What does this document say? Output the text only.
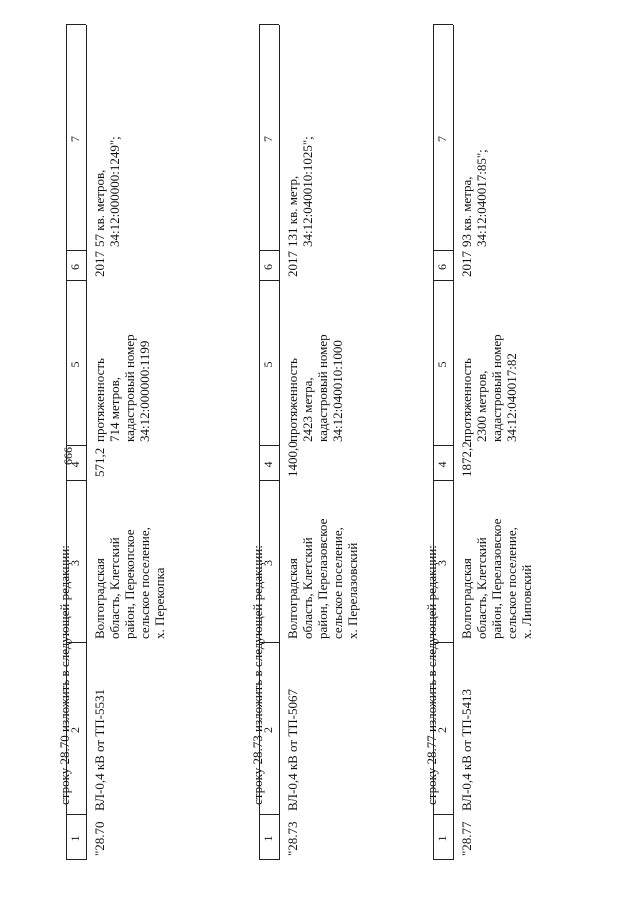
666
строку 28.70 изложить в следующей редакции:
1
2
3
4
5
6
7
"28.70
ВЛ-0,4 кВ от ТП-5531
Волгоградская
область, Клетский
район, Перекопское
сельское поселение,
х. Перекопка
571,2
протяженность
714 метров,
кадастровый номер
34:12:000000:1199
2017
57 кв. метров,
34:12:000000:1249";
строку 28.73 изложить в следующей редакции:
1
2
3
4
5
6
7
"28.73
ВЛ-0,4 кВ от ТП-5067
Волгоградская
область, Клетский
район, Перелазовское
сельское поселение,
х. Перелазовский
1400,0
протяженность
2423 метра,
кадастровый номер
34:12:040010:1000
2017
131 кв. метр,
34:12:040010:1025";
строку 28.77 изложить в следующей редакции:
1
2
3
4
5
6
7
"28.77
ВЛ-0,4 кВ от ТП-5413
Волгоградская
область, Клетский
район, Перелазовское
сельское поселение,
х. Липовский
1872,2
протяженность
2300 метров,
кадастровый номер
34:12:040017:82
2017
93 кв. метра,
34:12:040017:85";
